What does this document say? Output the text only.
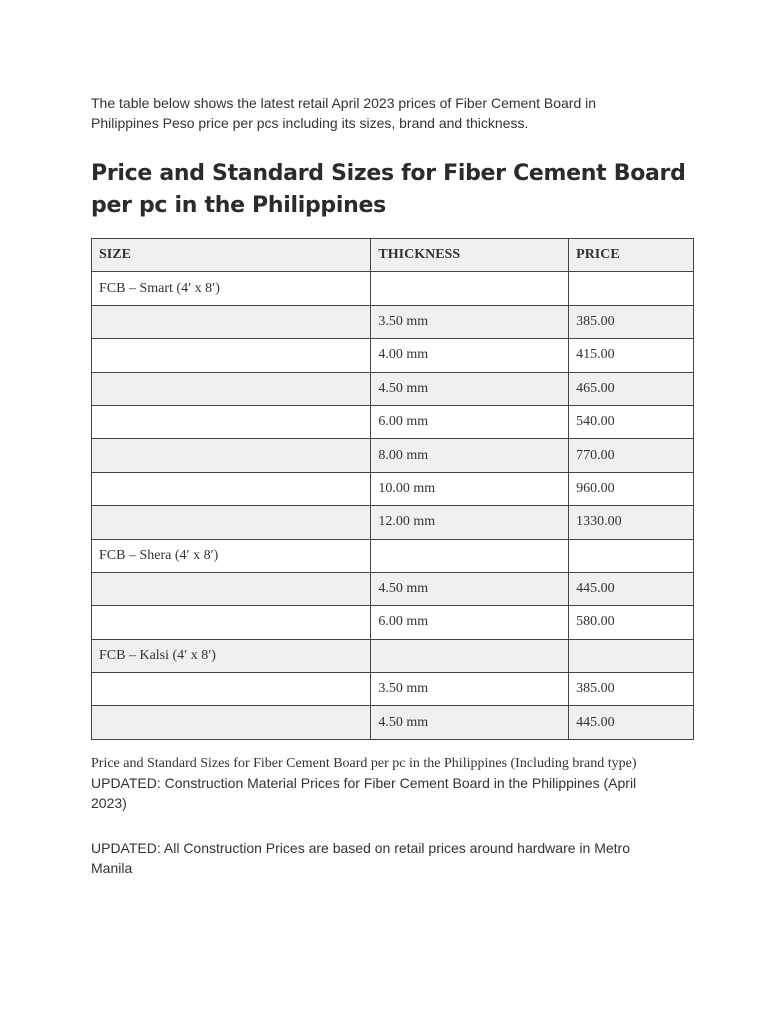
The table below shows the latest retail April 2023 prices of Fiber Cement Board in Philippines Peso price per pcs including its sizes, brand and thickness.

Price and Standard Sizes for Fiber Cement Board per pc in the Philippines
SIZE	THICKNESS	PRICE
FCB – Smart (4′ x 8′)		
	3.50 mm	385.00
	4.00 mm	415.00
	4.50 mm	465.00
	6.00 mm	540.00
	8.00 mm	770.00
	10.00 mm	960.00
	12.00 mm	1330.00
FCB – Shera (4′ x 8′)		
	4.50 mm	445.00
	6.00 mm	580.00
FCB – Kalsi (4′ x 8′)		
	3.50 mm	385.00
	4.50 mm	445.00

Price and Standard Sizes for Fiber Cement Board per pc in the Philippines (Including brand type)

UPDATED: Construction Material Prices for Fiber Cement Board in the Philippines (April 2023)

UPDATED: All Construction Prices are based on retail prices around hardware in Metro Manila
